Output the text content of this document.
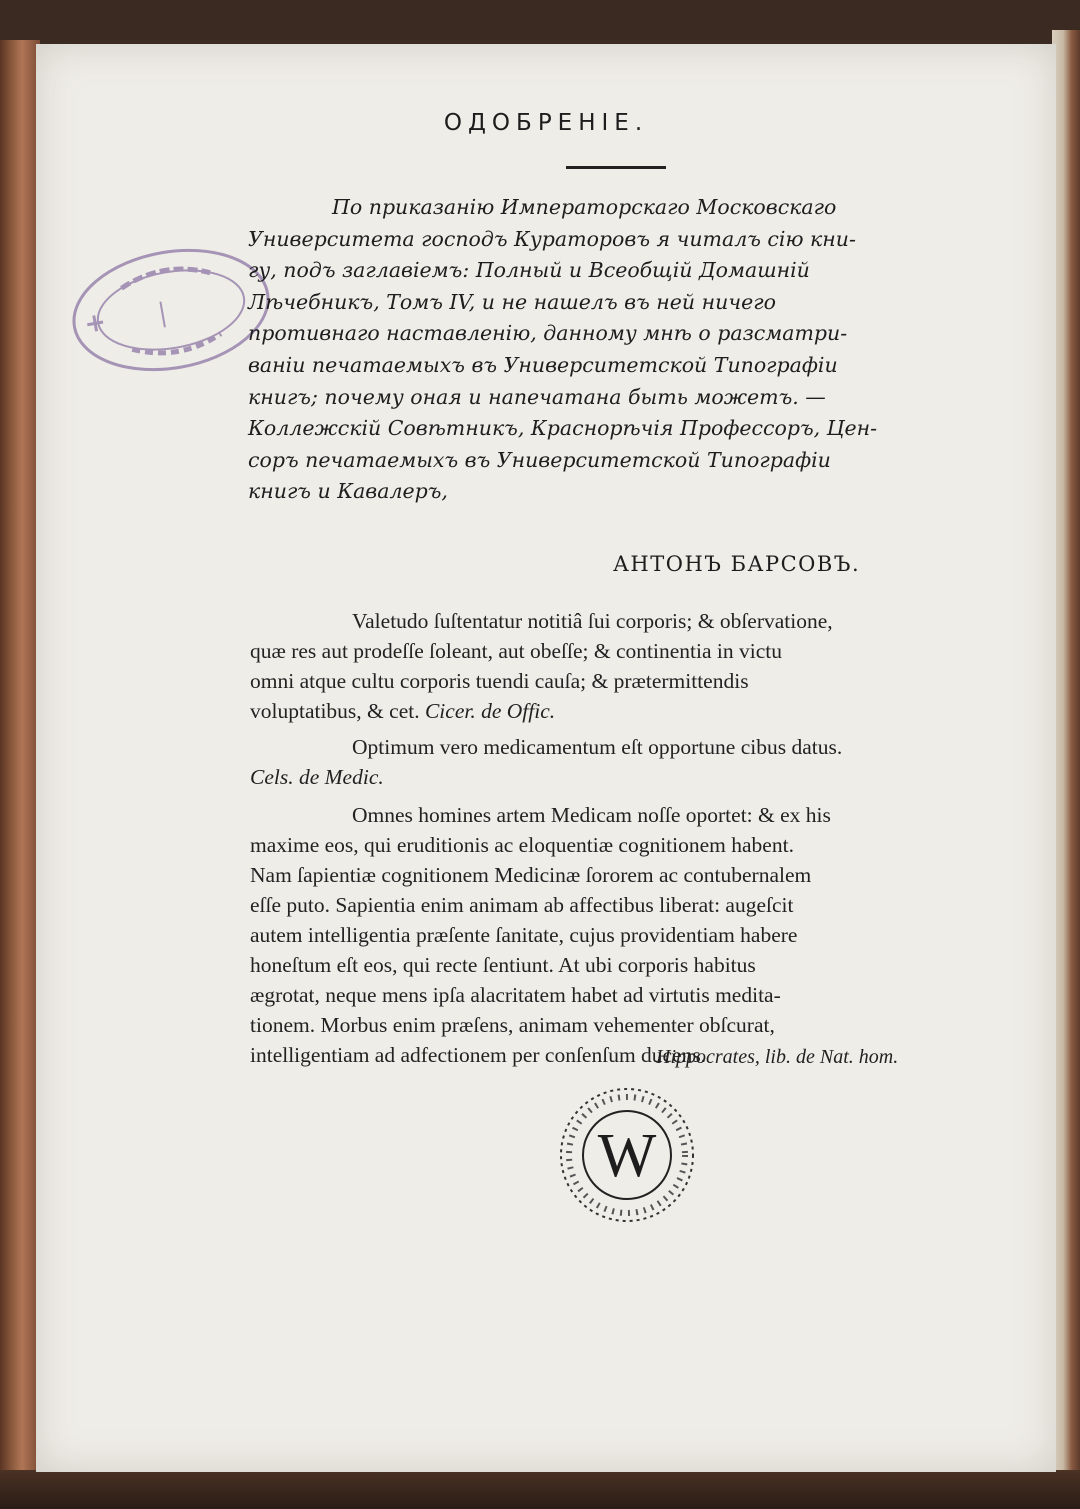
ОДОБРЕНІЕ.

По приказанію Императорскаго Московскаго
Университета господъ Кураторовъ я читалъ сію кни-
гу, подъ заглавіемъ: Полный и Всеобщій Домашній
Лѣчебникъ, Томъ IV, и не нашелъ въ ней ничего
противнаго наставленію, данному мнѣ о разсматри-
ваніи печатаемыхъ въ Университетской Типографіи
книгъ; почему оная и напечатана быть можетъ. —
Коллежскій Совѣтникъ, Краснорѣчія Профессоръ, Цен-
соръ печатаемыхъ въ Университетской Типографіи
книгъ и Кавалеръ,

АНТОНЪ БАРСОВЪ.
Valetudo ſuſtentatur notitiâ ſui corporis; & obſervatione,
quæ res aut prodeſſe ſoleant, aut obeſſe; & continentia in victu
omni atque cultu corporis tuendi cauſa; & prætermittendis
voluptatibus, & cet. Cicer. de Offic.
Optimum vero medicamentum eſt opportune cibus datus.
Cels. de Medic.
Omnes homines artem Medicam noſſe oportet: & ex his
maxime eos, qui eruditionis ac eloquentiæ cognitionem habent.
Nam ſapientiæ cognitionem Medicinæ ſororem ac contubernalem
eſſe puto. Sapientia enim animam ab affectibus liberat: augeſcit
autem intelligentia præſente ſanitate, cujus providentiam habere
honeſtum eſt eos, qui recte ſentiunt. At ubi corporis habitus
ægrotat, neque mens ipſa alacritatem habet ad virtutis medita-
tionem. Morbus enim præſens, animam vehementer obſcurat,
intelligentiam ad adfectionem per conſenſum ducens.
Hippocrates, lib. de Nat. hom.
W
